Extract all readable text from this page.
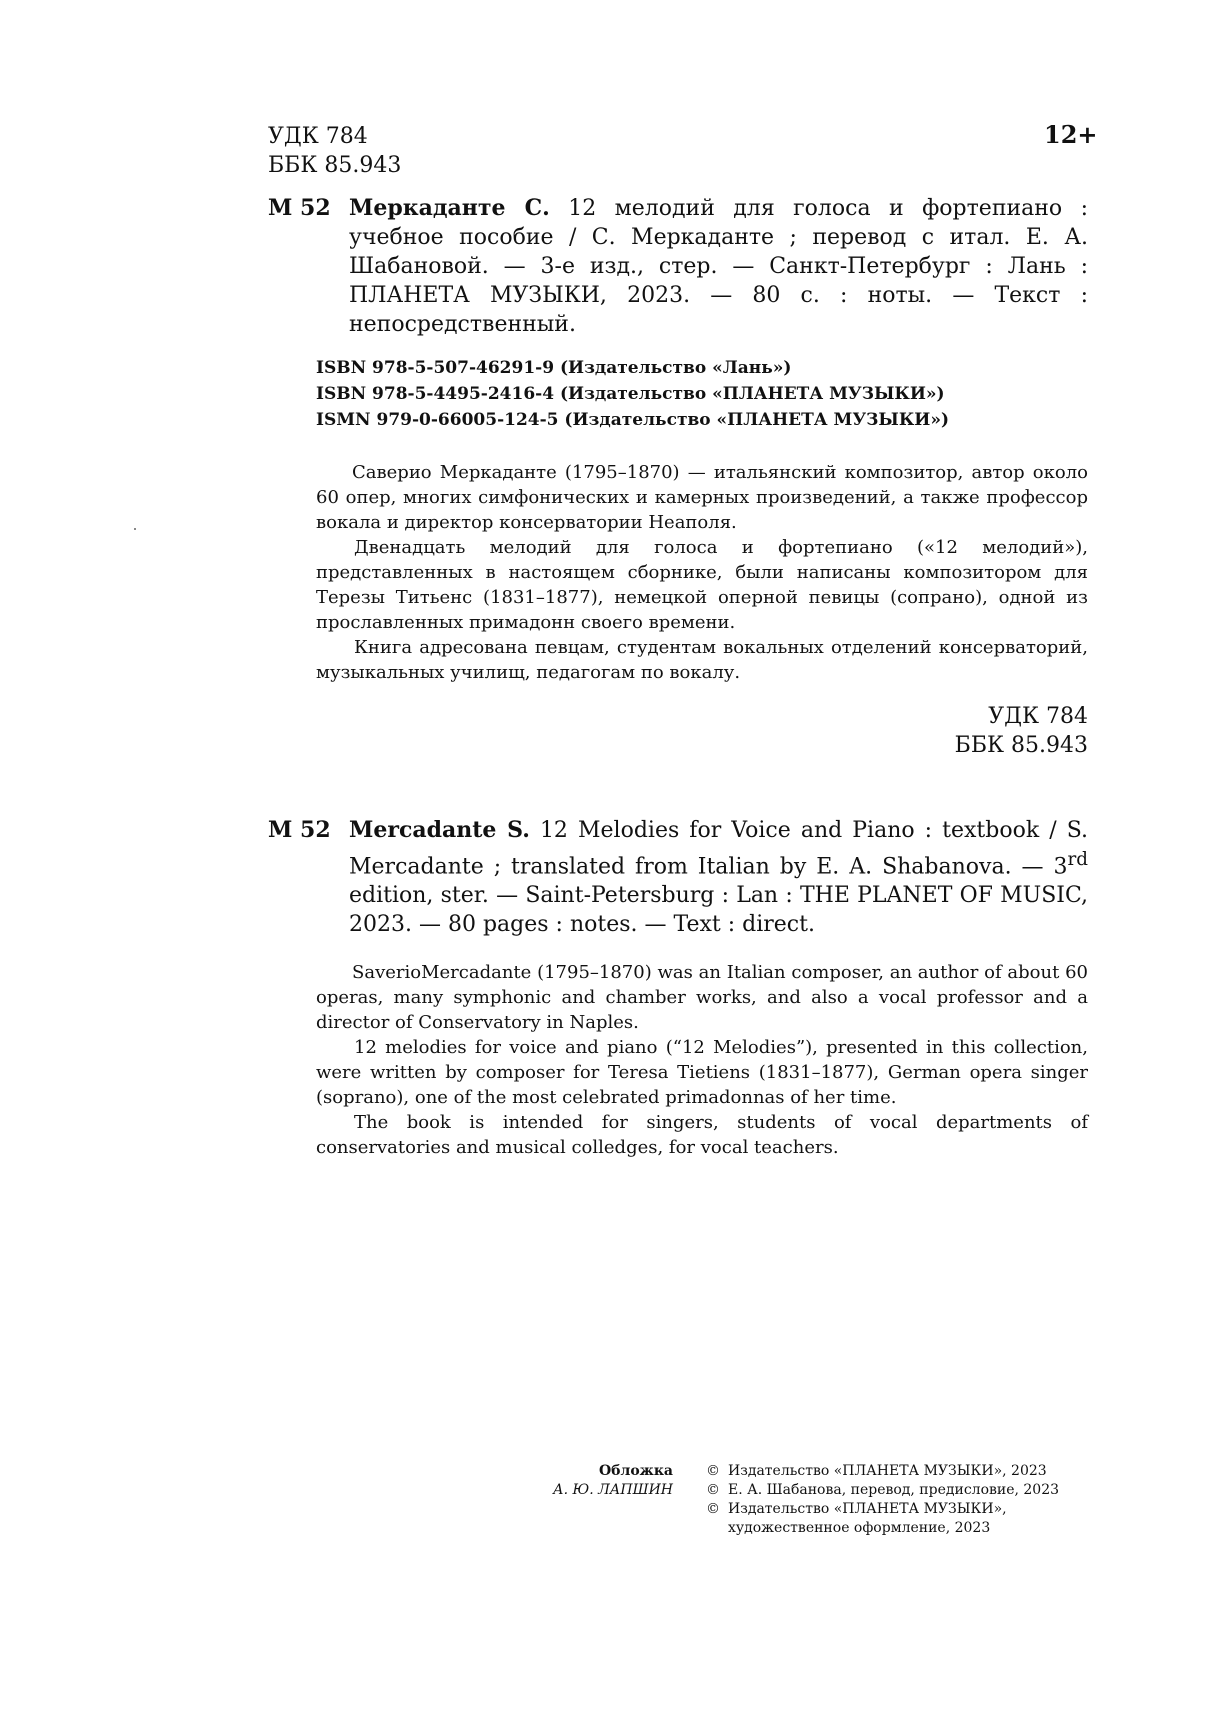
УДК 784
ББК 85.943
12+
М 52 Меркаданте С. 12 мелодий для голоса и фортепиано : учебное пособие / С. Меркаданте ; перевод с итал. Е. А. Шабановой. — 3-е изд., стер. — Санкт-Петербург : Лань : ПЛАНЕТА МУЗЫКИ, 2023. — 80 с. : ноты. — Текст : непосредственный.
ISBN 978-5-507-46291-9 (Издательство «Лань»)
ISBN 978-5-4495-2416-4 (Издательство «ПЛАНЕТА МУЗЫКИ»)
ISMN 979-0-66005-124-5 (Издательство «ПЛАНЕТА МУЗЫКИ»)

Саверио Меркаданте (1795–1870) — итальянский композитор, автор около 60 опер, многих симфонических и камерных произведений, а также профессор вокала и директор консерватории Неаполя.

Двенадцать мелодий для голоса и фортепиано («12 мелодий»), представленных в настоящем сборнике, были написаны композитором для Терезы Титьенс (1831–1877), немецкой оперной певицы (сопрано), одной из прославленных примадонн своего времени.

Книга адресована певцам, студентам вокальных отделений консерваторий, музыкальных училищ, педагогам по вокалу.

УДК 784
ББК 85.943
М 52 Mercadante S. 12 Melodies for Voice and Piano : textbook / S. Mercadante ; translated from Italian by E. A. Shabanova. — 3rd edition, ster. — Saint-Petersburg : Lan : THE PLANET OF MUSIC, 2023. — 80 pages : notes. — Text : direct.

SaverioMercadante (1795–1870) was an Italian composer, an author of about 60 operas, many symphonic and chamber works, and also a vocal professor and a director of Conservatory in Naples.

12 melodies for voice and piano (“12 Melodies”), presented in this collection, were written by composer for Teresa Tietiens (1831–1877), German opera singer (soprano), one of the most celebrated primadonnas of her time.

The book is intended for singers, students of vocal departments of conservatories and musical colledges, for vocal teachers.

Обложка
А. Ю. ЛАПШИН
© Издательство «ПЛАНЕТА МУЗЫКИ», 2023
© Е. А. Шабанова, перевод, предисловие, 2023
© Издательство «ПЛАНЕТА МУЗЫКИ»,
художественное оформление, 2023
